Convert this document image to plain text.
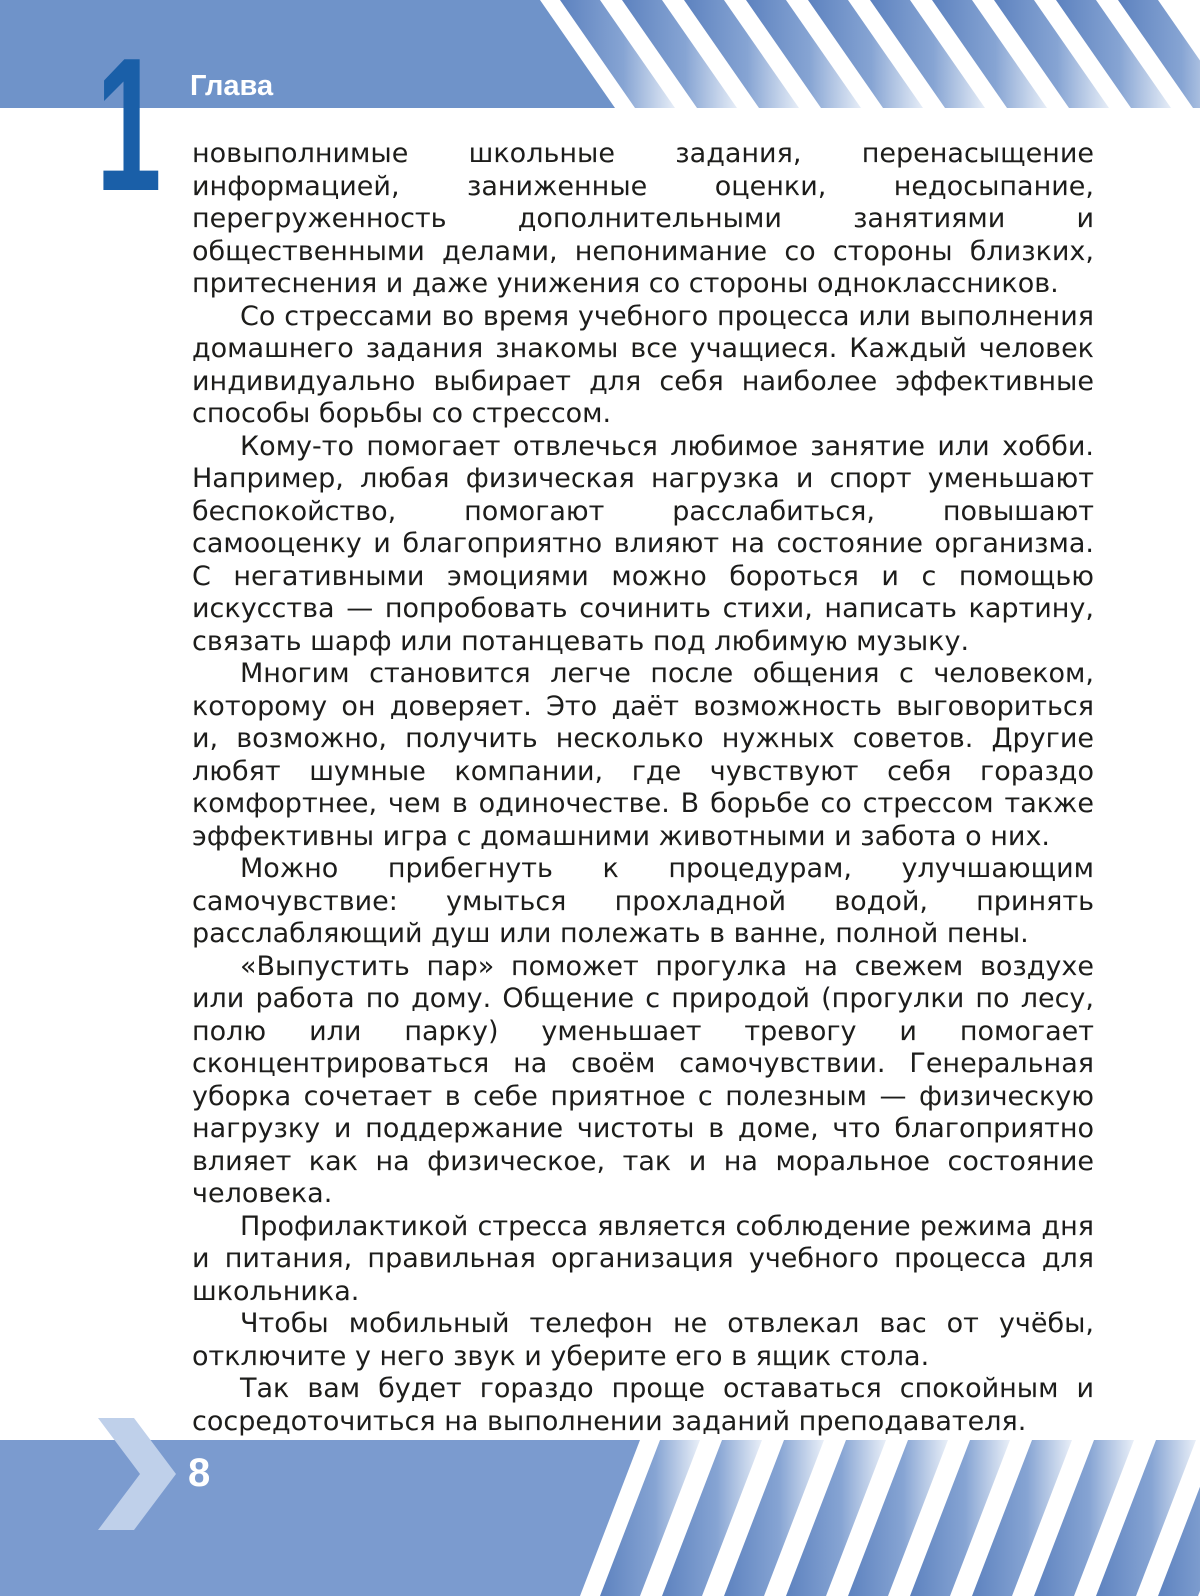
1 Глава

новыполнимые школьные задания, перенасыщение информацией, заниженные оценки, недосыпание, перегруженность дополнительными занятиями и общественными делами, непонимание со стороны близких, притеснения и даже унижения со стороны одноклассников.

Со стрессами во время учебного процесса или выполнения домашнего задания знакомы все учащиеся. Каждый человек индивидуально выбирает для себя наиболее эффективные способы борьбы со стрессом.

Кому-то помогает отвлечься любимое занятие или хобби. Например, любая физическая нагрузка и спорт уменьшают беспокойство, помогают расслабиться, повышают самооценку и благоприятно влияют на состояние организма. С негативными эмоциями можно бороться и с помощью искусства — попробовать сочинить стихи, написать картину, связать шарф или потанцевать под любимую музыку.

Многим становится легче после общения с человеком, которому он доверяет. Это даёт возможность выговориться и, возможно, получить несколько нужных советов. Другие любят шумные компании, где чувствуют себя гораздо комфортнее, чем в одиночестве. В борьбе со стрессом также эффективны игра с домашними животными и забота о них.

Можно прибегнуть к процедурам, улучшающим самочувствие: умыться прохладной водой, принять расслабляющий душ или полежать в ванне, полной пены.

«Выпустить пар» поможет прогулка на свежем воздухе или работа по дому. Общение с природой (прогулки по лесу, полю или парку) уменьшает тревогу и помогает сконцентрироваться на своём самочувствии. Генеральная уборка сочетает в себе приятное с полезным — физическую нагрузку и поддержание чистоты в доме, что благоприятно влияет как на физическое, так и на моральное состояние человека.

Профилактикой стресса является соблюдение режима дня и питания, правильная организация учебного процесса для школьника.

Чтобы мобильный телефон не отвлекал вас от учёбы, отключите у него звук и уберите его в ящик стола.

Так вам будет гораздо проще оставаться спокойным и сосредоточиться на выполнении заданий преподавателя.

8
